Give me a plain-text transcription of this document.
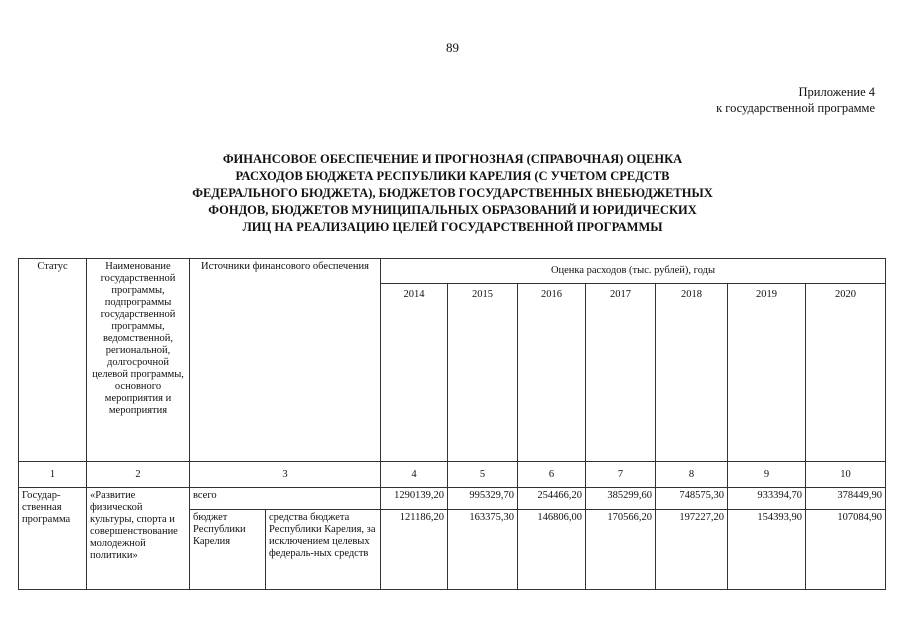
89
Приложение 4
к государственной программе
ФИНАНСОВОЕ ОБЕСПЕЧЕНИЕ И ПРОГНОЗНАЯ (СПРАВОЧНАЯ) ОЦЕНКА
РАСХОДОВ БЮДЖЕТА РЕСПУБЛИКИ КАРЕЛИЯ (С УЧЕТОМ СРЕДСТВ
ФЕДЕРАЛЬНОГО БЮДЖЕТА), БЮДЖЕТОВ ГОСУДАРСТВЕННЫХ ВНЕБЮДЖЕТНЫХ
ФОНДОВ, БЮДЖЕТОВ МУНИЦИПАЛЬНЫХ ОБРАЗОВАНИЙ И ЮРИДИЧЕСКИХ
ЛИЦ НА РЕАЛИЗАЦИЮ ЦЕЛЕЙ ГОСУДАРСТВЕННОЙ ПРОГРАММЫ
Статус	Наименование государственной программы, подпрограммы государственной программы, ведомственной, региональной, долгосрочной целевой программы, основного мероприятия и мероприятия	Источники финансового обеспечения		Оценка расходов (тыс. рублей), годы						
				2014	2015	2016	2017	2018	2019	2020
1	2	3		4	5	6	7	8	9	10
Государ-ственная программа	«Развитие физической культуры, спорта и совершенствование молодежной политики»	всего		1290139,20	995329,70	254466,20	385299,60	748575,30	933394,70	378449,90
		бюджет Республики Карелия	средства бюджета Республики Карелия, за исключением целевых федераль-ных средств	121186,20	163375,30	146806,00	170566,20	197227,20	154393,90	107084,90
